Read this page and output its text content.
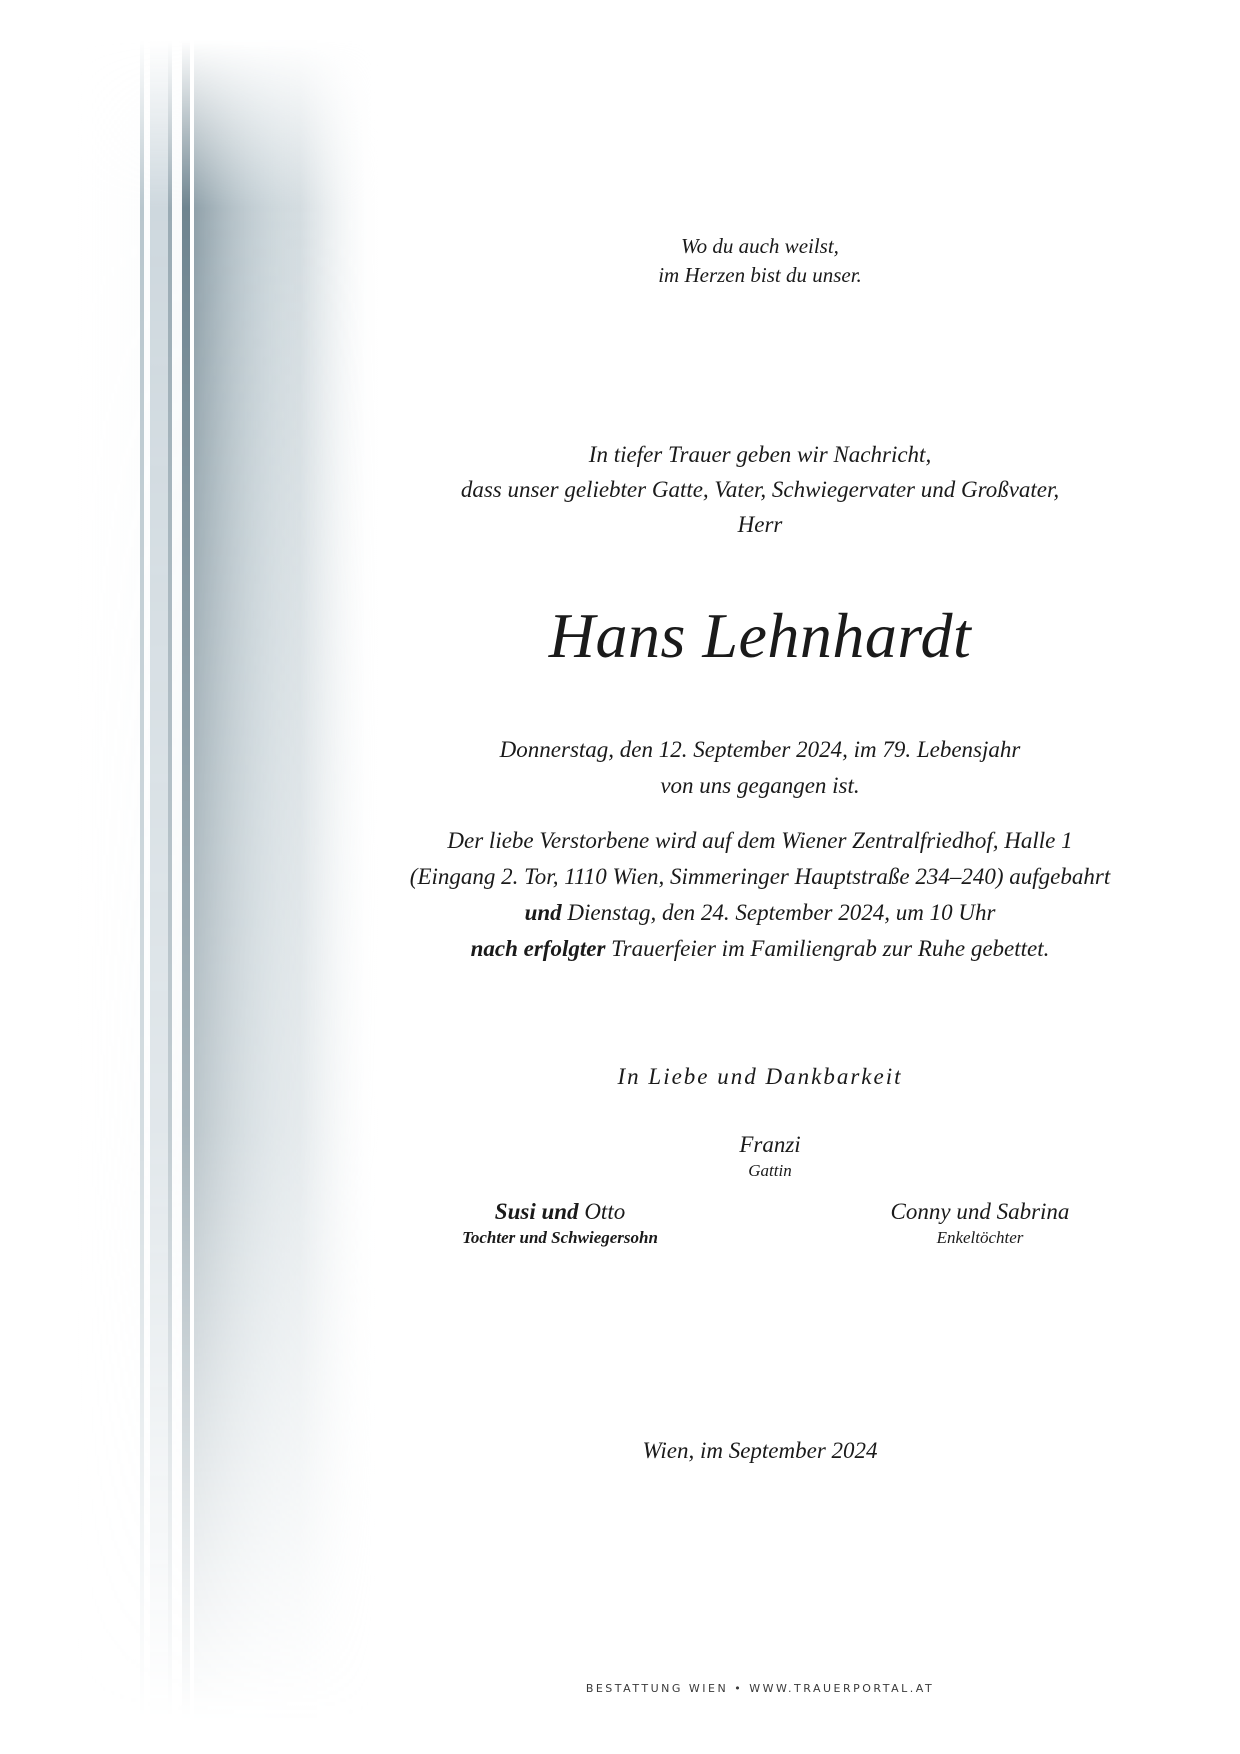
Wo du auch weilst,
im Herzen bist du unser.
In tiefer Trauer geben wir Nachricht,
dass unser geliebter Gatte, Vater, Schwiegervater und Großvater,
Herr
Hans Lehnhardt
Donnerstag, den 12. September 2024, im 79. Lebensjahr
von uns gegangen ist.
Der liebe Verstorbene wird auf dem Wiener Zentralfriedhof, Halle 1
(Eingang 2. Tor, 1110 Wien, Simmeringer Hauptstraße 234–240) aufgebahrt
und Dienstag, den 24. September 2024, um 10 Uhr
nach erfolgter Trauerfeier im Familiengrab zur Ruhe gebettet.
In Liebe und Dankbarkeit
Wien, im September 2024
Franzi
Gattin
Susi und Otto
Tochter und Schwiegersohn
Conny und Sabrina
Enkeltöchter
BESTATTUNG WIEN • WWW.TRAUERPORTAL.AT
